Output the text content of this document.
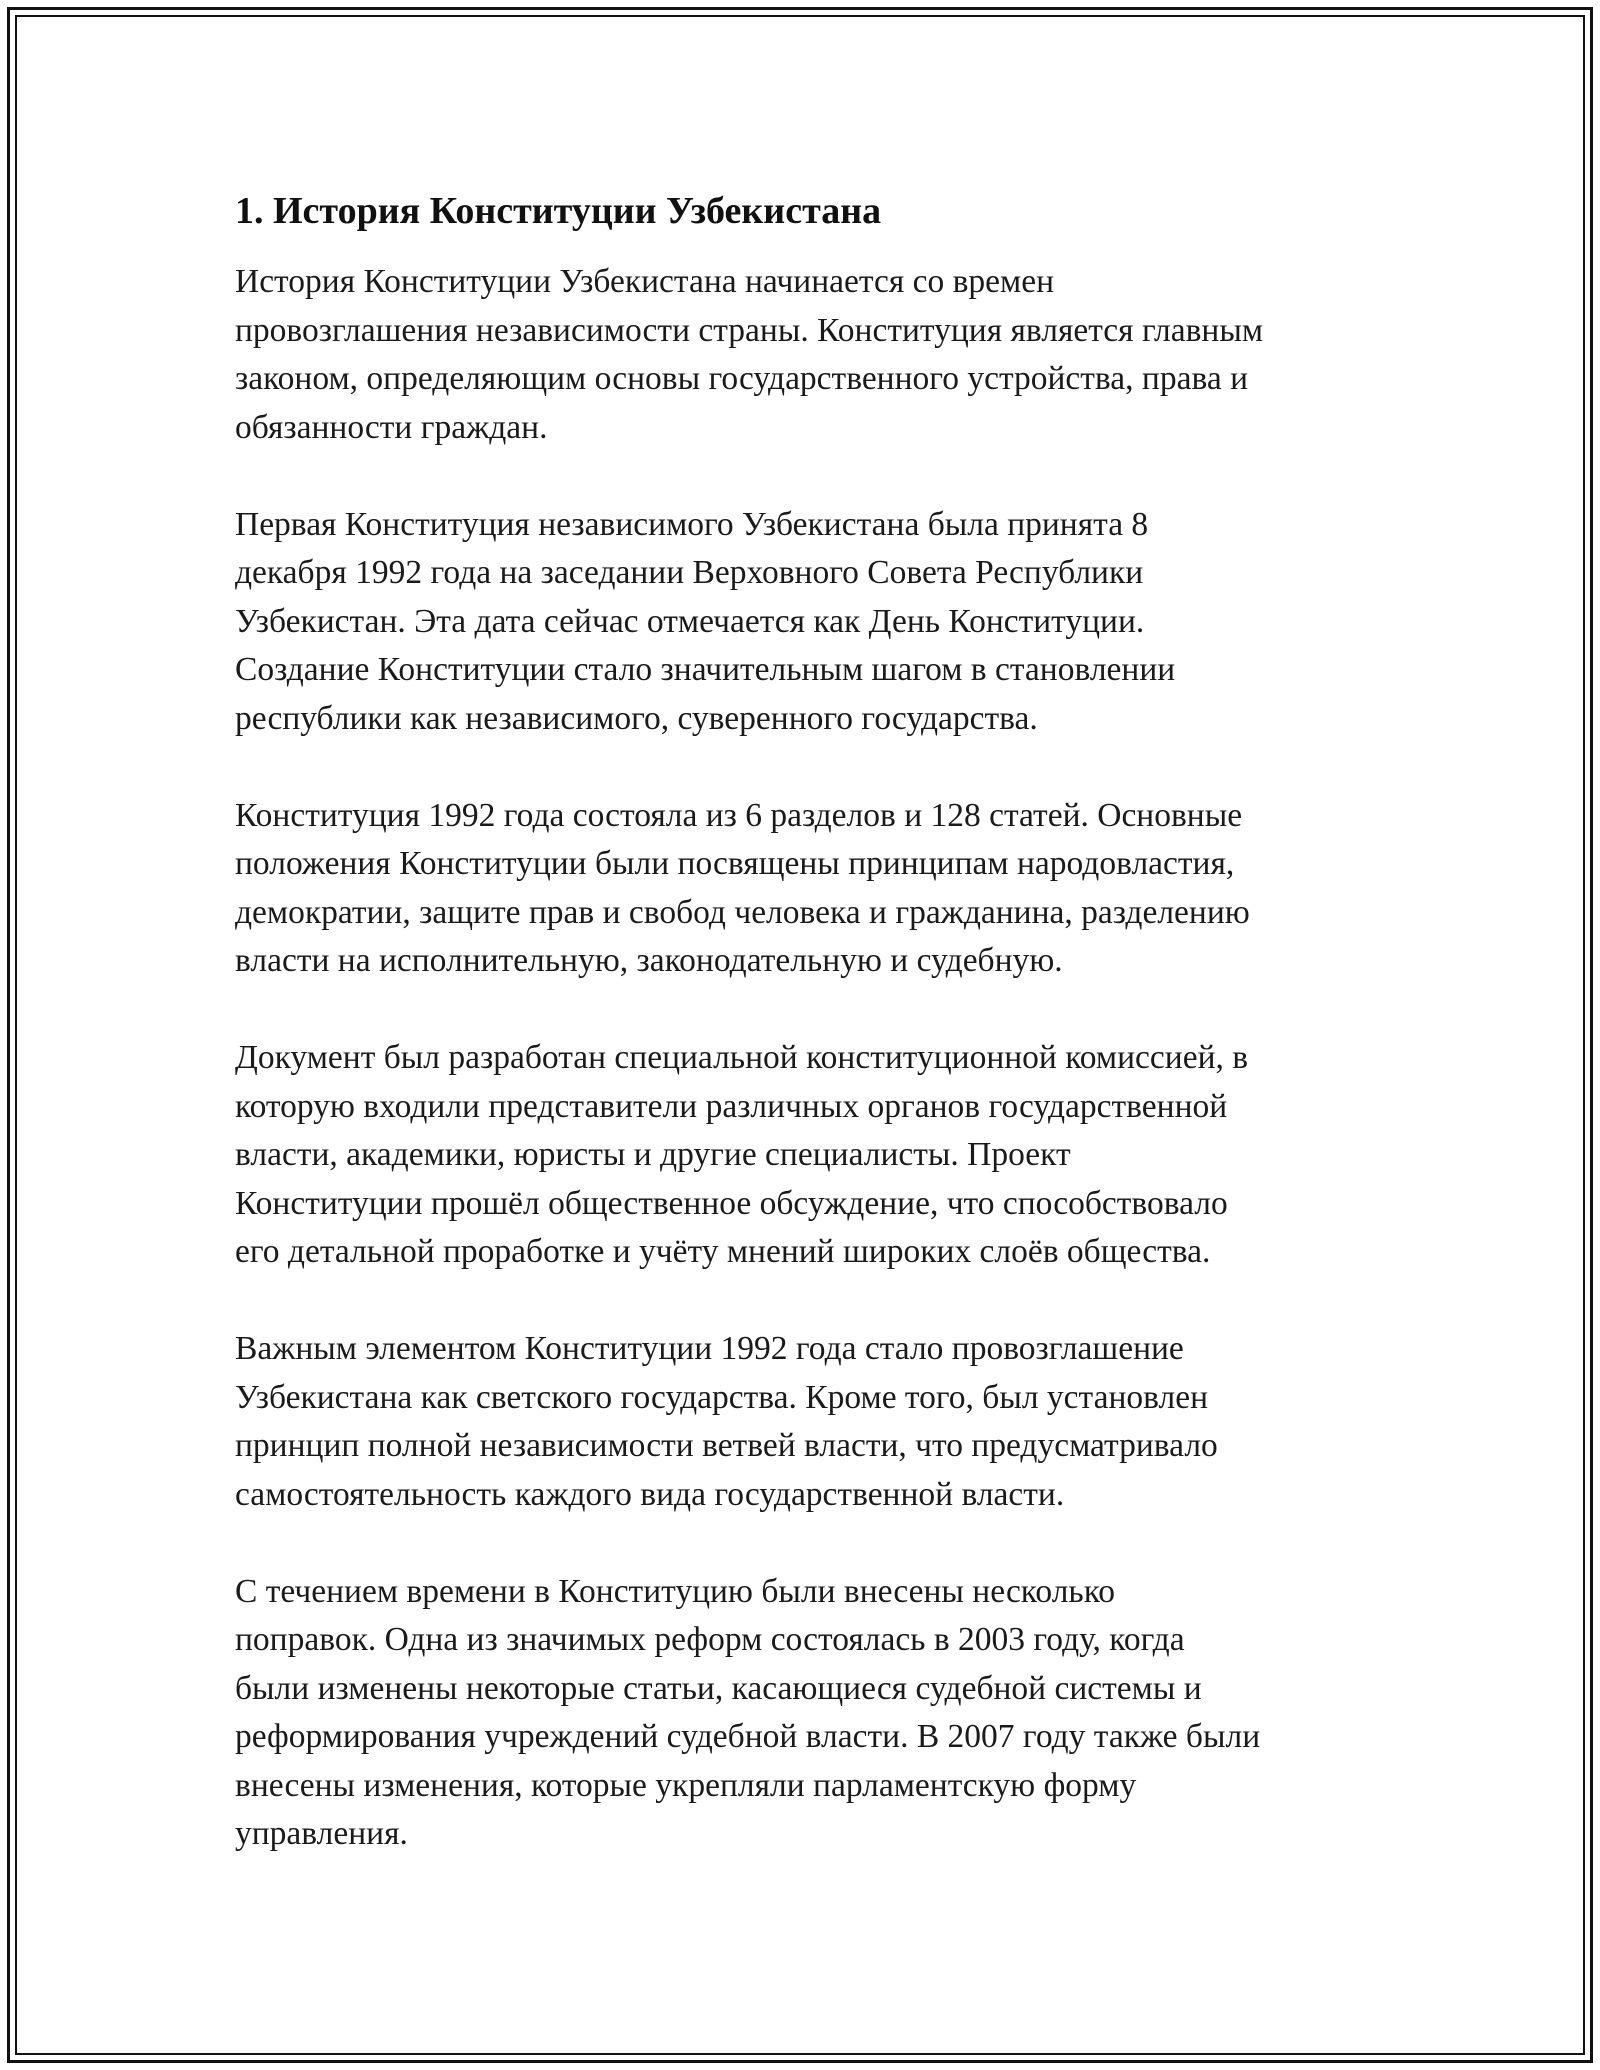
1. История Конституции Узбекистана
История Конституции Узбекистана начинается со времен
провозглашения независимости страны. Конституция является главным
законом, определяющим основы государственного устройства, права и
обязанности граждан.
Первая Конституция независимого Узбекистана была принята 8
декабря 1992 года на заседании Верховного Совета Республики
Узбекистан. Эта дата сейчас отмечается как День Конституции.
Создание Конституции стало значительным шагом в становлении
республики как независимого, суверенного государства.
Конституция 1992 года состояла из 6 разделов и 128 статей. Основные
положения Конституции были посвящены принципам народовластия,
демократии, защите прав и свобод человека и гражданина, разделению
власти на исполнительную, законодательную и судебную.
Документ был разработан специальной конституционной комиссией, в
которую входили представители различных органов государственной
власти, академики, юристы и другие специалисты. Проект
Конституции прошёл общественное обсуждение, что способствовало
его детальной проработке и учёту мнений широких слоёв общества.
Важным элементом Конституции 1992 года стало провозглашение
Узбекистана как светского государства. Кроме того, был установлен
принцип полной независимости ветвей власти, что предусматривало
самостоятельность каждого вида государственной власти.
С течением времени в Конституцию были внесены несколько
поправок. Одна из значимых реформ состоялась в 2003 году, когда
были изменены некоторые статьи, касающиеся судебной системы и
реформирования учреждений судебной власти. В 2007 году также были
внесены изменения, которые укрепляли парламентскую форму
управления.
